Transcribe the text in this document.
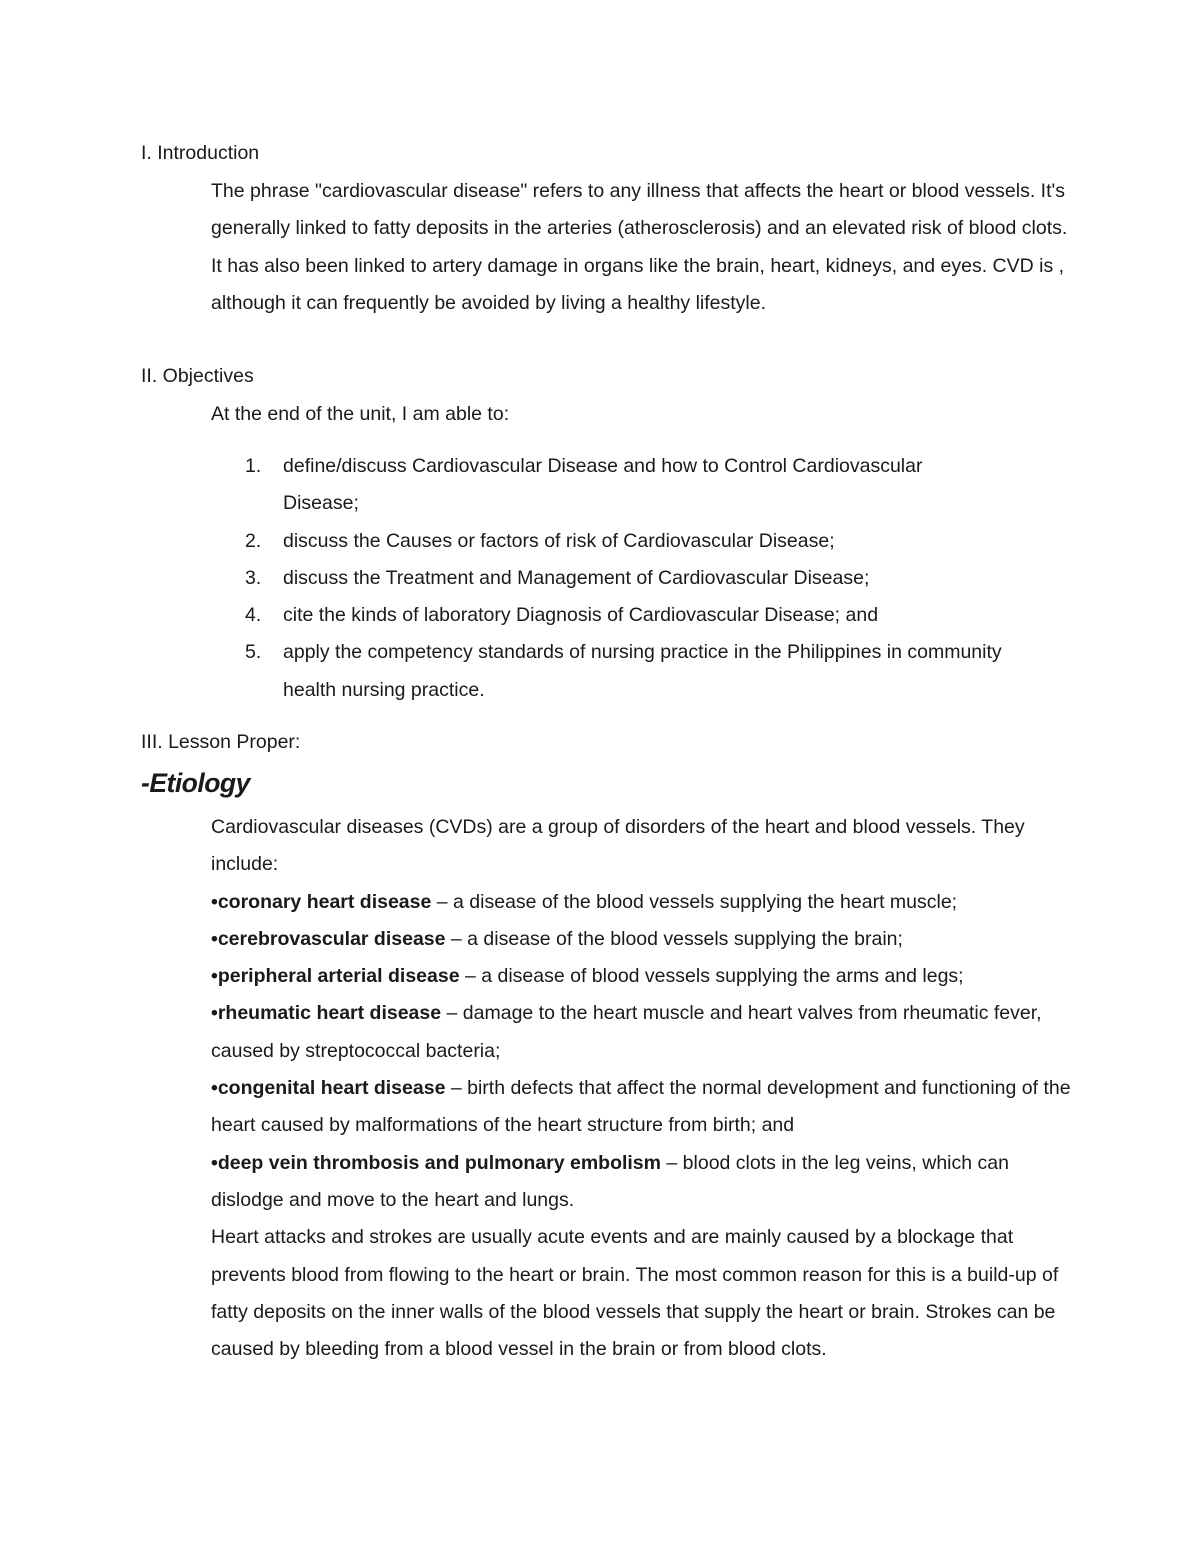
I. Introduction

The phrase "cardiovascular disease" refers to any illness that affects the heart or blood vessels. It's generally linked to fatty deposits in the arteries (atherosclerosis) and an elevated risk of blood clots. It has also been linked to artery damage in organs like the brain, heart, kidneys, and eyes. CVD is , although it can frequently be avoided by living a healthy lifestyle.

II. Objectives

At the end of the unit, I am able to:

1. define/discuss Cardiovascular Disease and how to Control Cardiovascular Disease;
2. discuss the Causes or factors of risk of Cardiovascular Disease;
3. discuss the Treatment and Management of Cardiovascular Disease;
4. cite the kinds of laboratory Diagnosis of Cardiovascular Disease; and
5. apply the competency standards of nursing practice in the Philippines in community health nursing practice.
III. Lesson Proper:
-Etiology

Cardiovascular diseases (CVDs) are a group of disorders of the heart and blood vessels. They include:

•coronary heart disease – a disease of the blood vessels supplying the heart muscle;

•cerebrovascular disease – a disease of the blood vessels supplying the brain;

•peripheral arterial disease – a disease of blood vessels supplying the arms and legs;

•rheumatic heart disease – damage to the heart muscle and heart valves from rheumatic fever, caused by streptococcal bacteria;

•congenital heart disease – birth defects that affect the normal development and functioning of the heart caused by malformations of the heart structure from birth; and

•deep vein thrombosis and pulmonary embolism – blood clots in the leg veins, which can dislodge and move to the heart and lungs.

Heart attacks and strokes are usually acute events and are mainly caused by a blockage that prevents blood from flowing to the heart or brain. The most common reason for this is a build-up of fatty deposits on the inner walls of the blood vessels that supply the heart or brain. Strokes can be caused by bleeding from a blood vessel in the brain or from blood clots.
